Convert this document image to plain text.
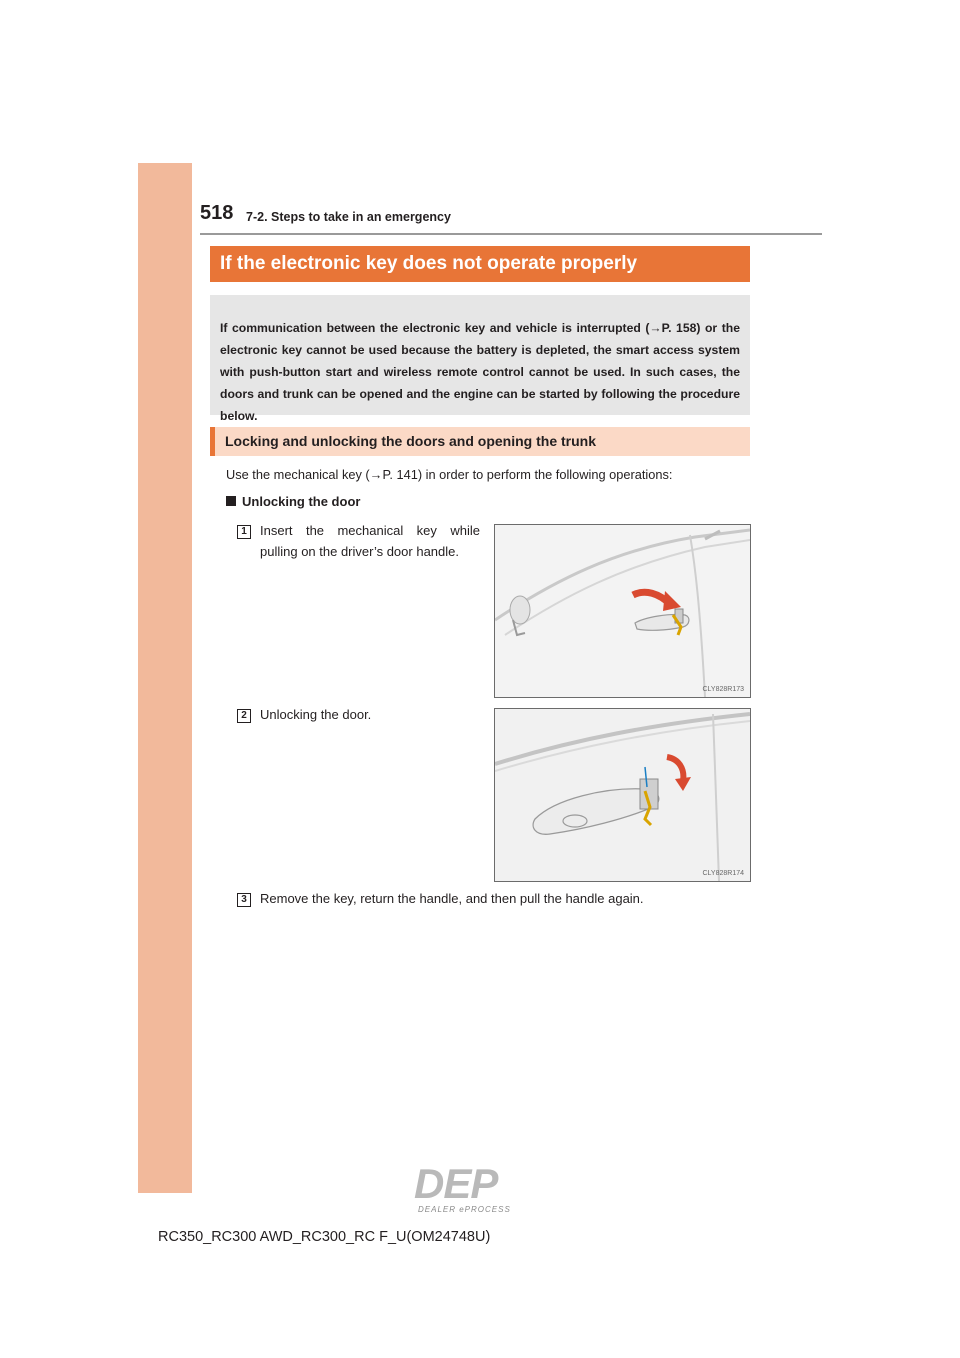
518 7-2. Steps to take in an emergency
If the electronic key does not operate properly
If communication between the electronic key and vehicle is interrupted (→P. 158) or the electronic key cannot be used because the battery is depleted, the smart access system with push-button start and wireless remote control cannot be used. In such cases, the doors and trunk can be opened and the engine can be started by following the procedure below.
Locking and unlocking the doors and opening the trunk
Use the mechanical key (→P. 141) in order to perform the following operations:
Unlocking the door
1	Insert the mechanical key while pulling on the driver’s door handle.
CLY828R173
2	Unlocking the door.
CLY828R174
3	Remove the key, return the handle, and then pull the handle again.
DEP
DEALER ePROCESS
RC350_RC300 AWD_RC300_RC F_U(OM24748U)
